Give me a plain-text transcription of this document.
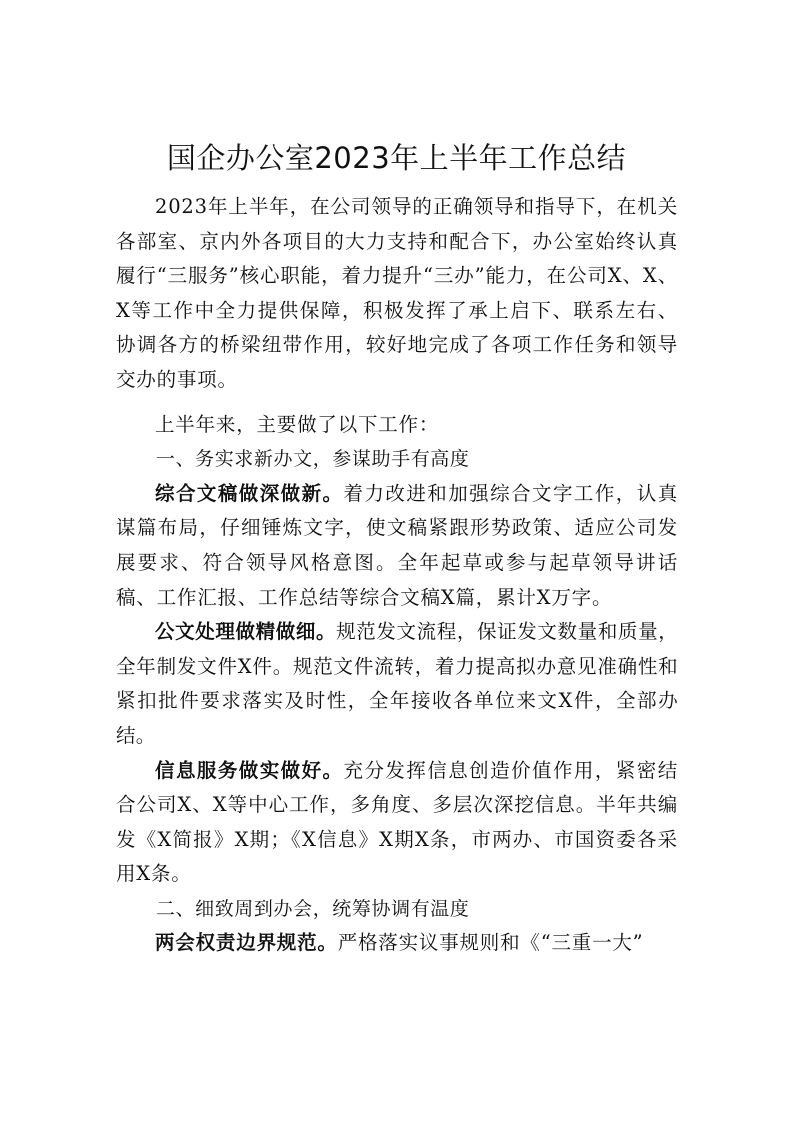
国企办公室2023年上半年工作总结

2023年上半年，在公司领导的正确领导和指导下，在机关各部室、京内外各项目的大力支持和配合下，办公室始终认真履行“三服务”核心职能，着力提升“三办”能力，在公司X、X、X等工作中全力提供保障，积极发挥了承上启下、联系左右、协调各方的桥梁纽带作用，较好地完成了各项工作任务和领导交办的事项。

上半年来，主要做了以下工作：

一、务实求新办文，参谋助手有高度

综合文稿做深做新。着力改进和加强综合文字工作，认真谋篇布局，仔细锤炼文字，使文稿紧跟形势政策、适应公司发展要求、符合领导风格意图。全年起草或参与起草领导讲话稿、工作汇报、工作总结等综合文稿X篇，累计X万字。

公文处理做精做细。规范发文流程，保证发文数量和质量，全年制发文件X件。规范文件流转，着力提高拟办意见准确性和紧扣批件要求落实及时性，全年接收各单位来文X件，全部办结。

信息服务做实做好。充分发挥信息创造价值作用，紧密结合公司X、X等中心工作，多角度、多层次深挖信息。半年共编发《X简报》X期；《X信息》X期X条，市两办、市国资委各采用X条。

二、细致周到办会，统筹协调有温度

两会权责边界规范。严格落实议事规则和《“三重一大”
